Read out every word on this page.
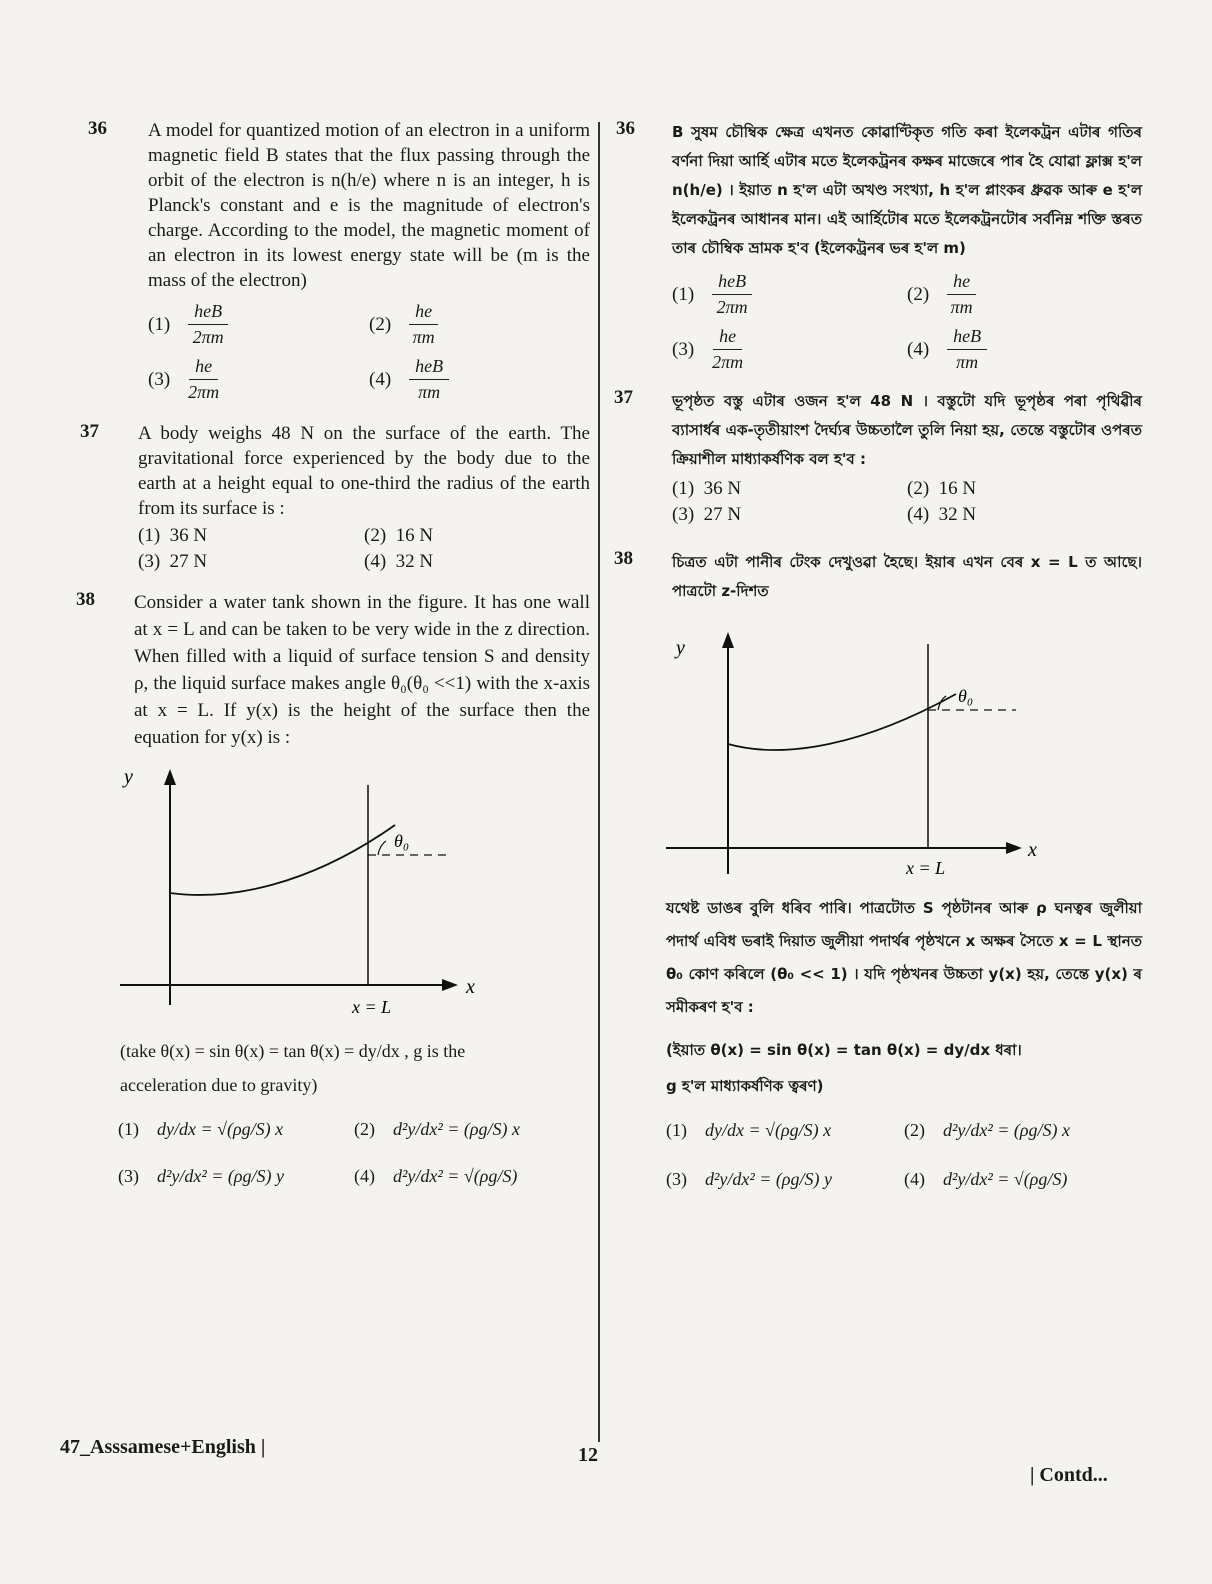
36 A model for quantized motion of an electron in a uniform magnetic field B states that the flux passing through the orbit of the electron is n(h/e) where n is an integer, h is Planck's constant and e is the magnitude of electron's charge. According to the model, the magnetic moment of an electron in its lowest energy state will be (m is the mass of the electron)
$(1) \frac{\text{heB}}{2\pi m}$	$(2) \frac{he}{\pi m}$
$(3) \frac{he}{2\pi m}$	$(4) \frac{\text{heB}}{\pi m}$
37 A body weighs 48 N on the surface of the earth. The gravitational force experienced by the body due to the earth at a height equal to one-third the radius of the earth from its surface is :
(1) 36 N	(2) 16 N
(3) 27 N	(4) 32 N
38 Consider a water tank shown in the figure. It has one wall at x = L and can be taken to be very wide in the z direction. When filled with a liquid of surface tension S and density ρ, the liquid surface makes angle θ₀(θ₀ <<1) with the x-axis at x = L. If y(x) is the height of the surface then the equation for y(x) is :
y
x
x = L
θ₀
(take θ(x) = sin θ(x) = tan θ(x) = dy/dx , g is the
acceleration due to gravity)
(1) dy/dx = √(ρg/S) x	(2) d²y/dx² = (ρg/S) x
(3) d²y/dx² = (ρg/S) y	(4) d²y/dx² = √(ρg/S)
36 B সুষম চৌম্বিক ক্ষেত্ৰ এখনত কোৱাণ্টিকৃত গতি কৰা ইলেকট্ৰন এটাৰ গতিৰ বৰ্ণনা দিয়া আৰ্হি এটাৰ মতে ইলেকট্ৰনৰ কক্ষৰ মাজেৰে পাৰ হৈ যোৱা ফ্লাক্স হ'ল n(h/e) । ইয়াত n হ'ল এটা অখণ্ড সংখ্যা, h হ'ল প্লাংকৰ ধ্ৰুৱক আৰু e হ'ল ইলেকট্ৰনৰ আধানৰ মান। এই আৰ্হিটোৰ মতে ইলেকট্ৰনটোৰ সৰ্বনিম্ন শক্তি স্তৰত তাৰ চৌম্বিক ভ্ৰামক হ'ব (ইলেকট্ৰনৰ ভৰ হ'ল m)
$(1) \frac{\text{heB}}{2\pi m}$	$(2) \frac{he}{\pi m}$
$(3) \frac{he}{2\pi m}$	$(4) \frac{\text{heB}}{\pi m}$
37	ভূপৃষ্ঠত বস্তু এটাৰ ওজন হ'ল 48 N । বস্তুটো যদি ভূপৃষ্ঠৰ পৰা পৃথিৱীৰ ব্যাসাৰ্ধৰ এক-তৃতীয়াংশ দৈৰ্ঘ্যৰ উচ্চতালৈ তুলি নিয়া হয়, তেন্তে বস্তুটোৰ ওপৰত ক্ৰিয়াশীল মাধ্যাকৰ্ষণিক বল হ'ব :
(1) 36 N	(2) 16 N
(3) 27 N	(4) 32 N
38	চিত্ৰত এটা পানীৰ টেংক দেখুওৱা হৈছে। ইয়াৰ এখন বেৰ x = L ত আছে। পাত্ৰটো z-দিশত
y
x
x = L
θ₀
যথেষ্ট ডাঙৰ বুলি ধৰিব পাৰি। পাত্ৰটোত S পৃষ্ঠটানৰ আৰু ρ ঘনত্বৰ জুলীয়া পদাৰ্থ এবিধ ভৰাই দিয়াত জুলীয়া পদাৰ্থৰ পৃষ্ঠখনে x অক্ষৰ সৈতে x = L স্থানত θ₀ কোণ কৰিলে (θ₀ << 1) । যদি পৃষ্ঠখনৰ উচ্চতা y(x) হয়, তেন্তে y(x) ৰ সমীকৰণ হ'ব :
(ইয়াত θ(x) = sin θ(x) = tan θ(x) = dy/dx ধৰা।
g হ'ল মাধ্যাকৰ্ষণিক ত্বৰণ)
(1) dy/dx = √(ρg/S) x	(2) d²y/dx² = (ρg/S) x
(3) d²y/dx² = (ρg/S) y	(4) d²y/dx² = √(ρg/S)
47_Asssamese+English |	12
| Contd...
